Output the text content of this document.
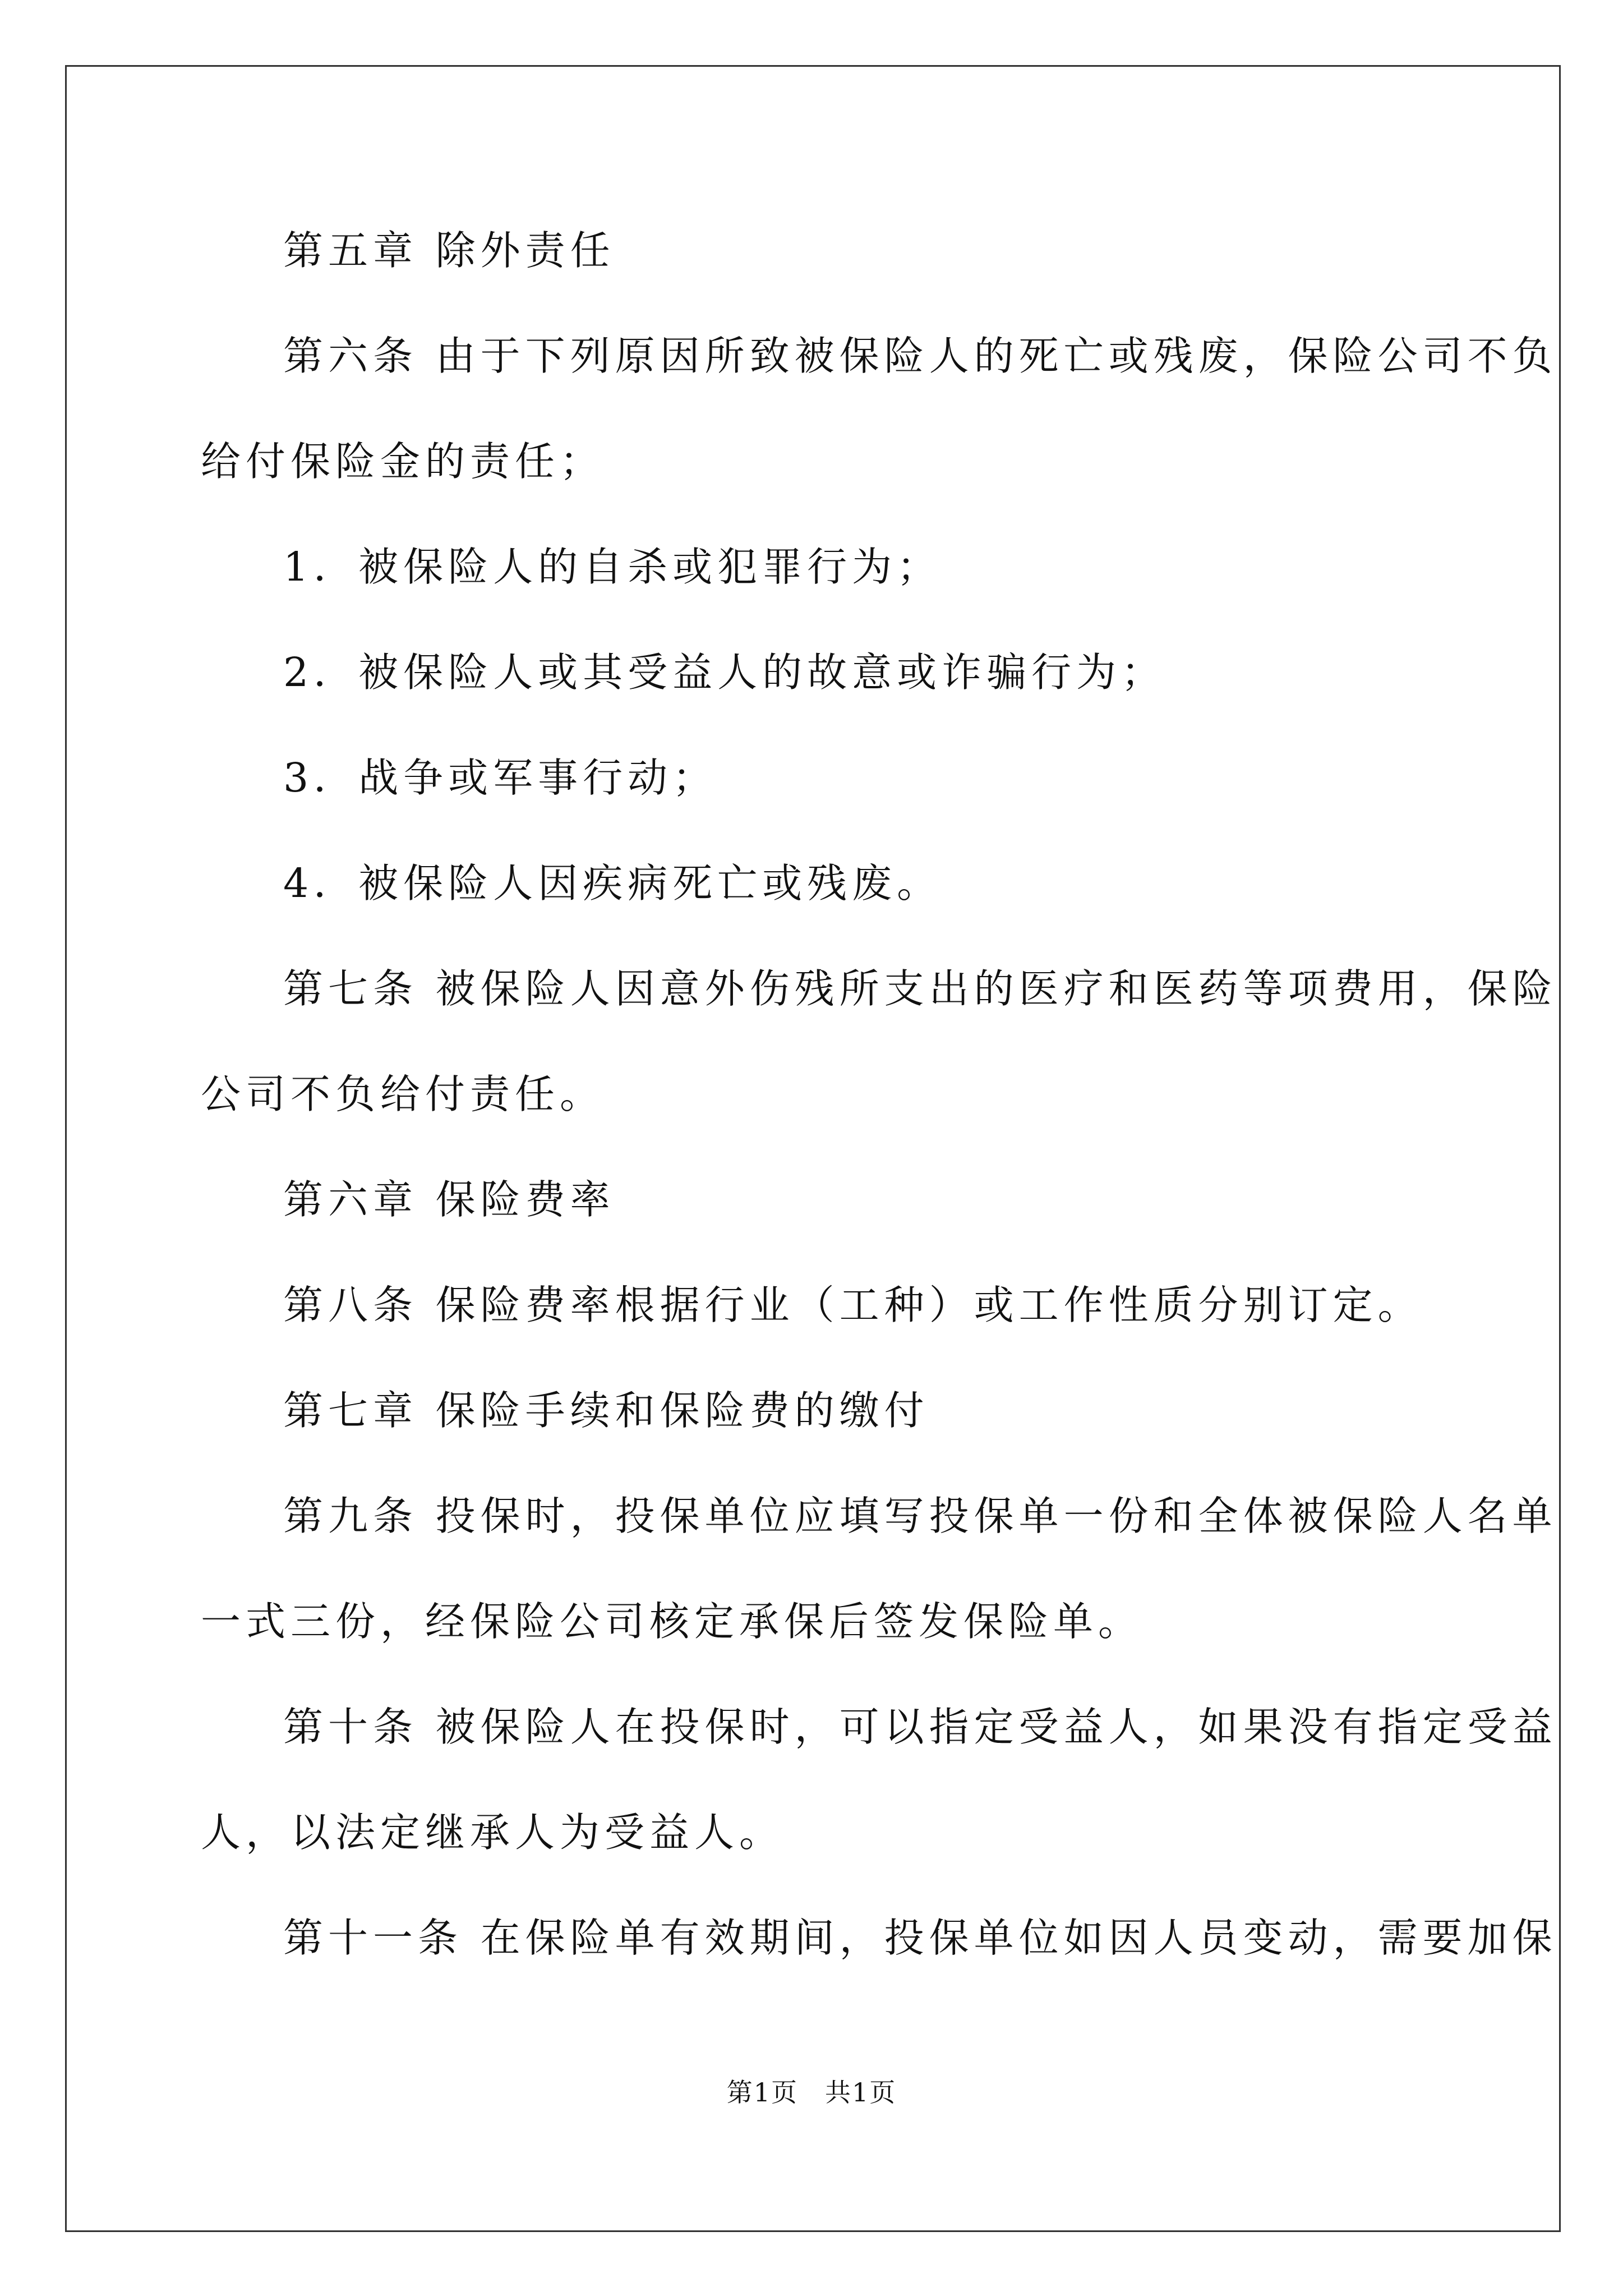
第五章 除外责任

第六条 由于下列原因所致被保险人的死亡或残废，保险公司不负

给付保险金的责任；

1．被保险人的自杀或犯罪行为；

2．被保险人或其受益人的故意或诈骗行为；

3．战争或军事行动；

4．被保险人因疾病死亡或残废。

第七条 被保险人因意外伤残所支出的医疗和医药等项费用，保险

公司不负给付责任。

第六章 保险费率

第八条 保险费率根据行业（工种）或工作性质分别订定。

第七章 保险手续和保险费的缴付

第九条 投保时，投保单位应填写投保单一份和全体被保险人名单

一式三份，经保险公司核定承保后签发保险单。

第十条 被保险人在投保时，可以指定受益人，如果没有指定受益

人，以法定继承人为受益人。

第十一条 在保险单有效期间，投保单位如因人员变动，需要加保

第1页　共1页
